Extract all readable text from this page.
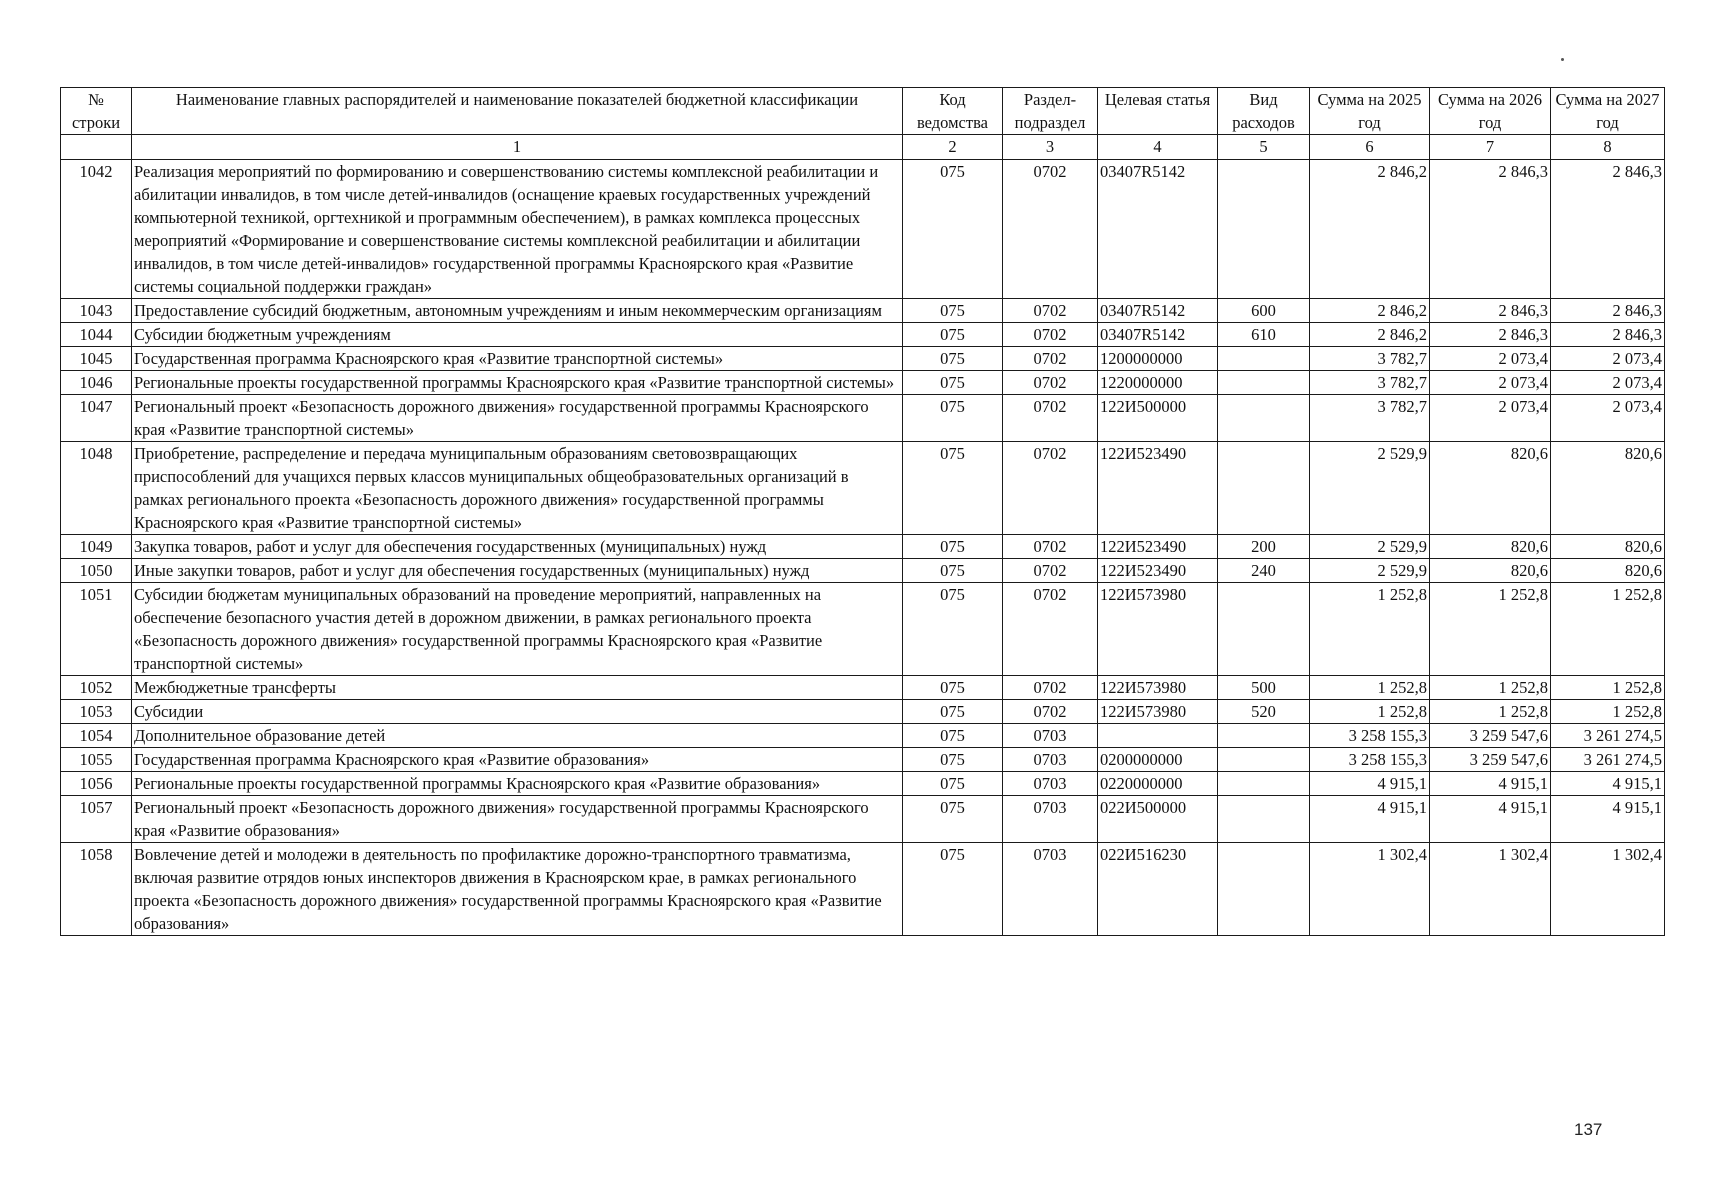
№ строки	Наименование главных распорядителей и наименование показателей бюджетной классификации	Код ведомства	Раздел- подраздел	Целевая статья	Вид расходов	Сумма на 2025 год	Сумма на 2026 год	Сумма на 2027 год
	1	2	3	4	5	6	7	8
1042	Реализация мероприятий по формированию и совершенствованию системы комплексной реабилитации и абилитации инвалидов, в том числе детей-инвалидов (оснащение краевых государственных учреждений компьютерной техникой, оргтехникой и программным обеспечением), в рамках комплекса процессных мероприятий «Формирование и совершенствование системы комплексной реабилитации и абилитации инвалидов, в том числе детей-инвалидов» государственной программы Красноярского края «Развитие системы социальной поддержки граждан»	075	0702	03407R5142		2 846,2	2 846,3	2 846,3
1043	Предоставление субсидий бюджетным, автономным учреждениям и иным некоммерческим организациям	075	0702	03407R5142	600	2 846,2	2 846,3	2 846,3
1044	Субсидии бюджетным учреждениям	075	0702	03407R5142	610	2 846,2	2 846,3	2 846,3
1045	Государственная программа Красноярского края «Развитие транспортной системы»	075	0702	1200000000		3 782,7	2 073,4	2 073,4
1046	Региональные проекты государственной программы Красноярского края «Развитие транспортной системы»	075	0702	1220000000		3 782,7	2 073,4	2 073,4
1047	Региональный проект «Безопасность дорожного движения» государственной программы Красноярского края «Развитие транспортной системы»	075	0702	122И500000		3 782,7	2 073,4	2 073,4
1048	Приобретение, распределение и передача муниципальным образованиям световозвращающих приспособлений для учащихся первых классов муниципальных общеобразовательных организаций в рамках регионального проекта «Безопасность дорожного движения» государственной программы Красноярского края «Развитие транспортной системы»	075	0702	122И523490		2 529,9	820,6	820,6
1049	Закупка товаров, работ и услуг для обеспечения государственных (муниципальных) нужд	075	0702	122И523490	200	2 529,9	820,6	820,6
1050	Иные закупки товаров, работ и услуг для обеспечения государственных (муниципальных) нужд	075	0702	122И523490	240	2 529,9	820,6	820,6
1051	Субсидии бюджетам муниципальных образований на проведение мероприятий, направленных на обеспечение безопасного участия детей в дорожном движении, в рамках регионального проекта «Безопасность дорожного движения» государственной программы Красноярского края «Развитие транспортной системы»	075	0702	122И573980		1 252,8	1 252,8	1 252,8
1052	Межбюджетные трансферты	075	0702	122И573980	500	1 252,8	1 252,8	1 252,8
1053	Субсидии	075	0702	122И573980	520	1 252,8	1 252,8	1 252,8
1054	Дополнительное образование детей	075	0703			3 258 155,3	3 259 547,6	3 261 274,5
1055	Государственная программа Красноярского края «Развитие образования»	075	0703	0200000000		3 258 155,3	3 259 547,6	3 261 274,5
1056	Региональные проекты государственной программы Красноярского края «Развитие образования»	075	0703	0220000000		4 915,1	4 915,1	4 915,1
1057	Региональный проект «Безопасность дорожного движения» государственной программы Красноярского края «Развитие образования»	075	0703	022И500000		4 915,1	4 915,1	4 915,1
1058	Вовлечение детей и молодежи в деятельность по профилактике дорожно-транспортного травматизма, включая развитие отрядов юных инспекторов движения в Красноярском крае, в рамках регионального проекта «Безопасность дорожного движения» государственной программы Красноярского края «Развитие образования»	075	0703	022И516230		1 302,4	1 302,4	1 302,4
137
